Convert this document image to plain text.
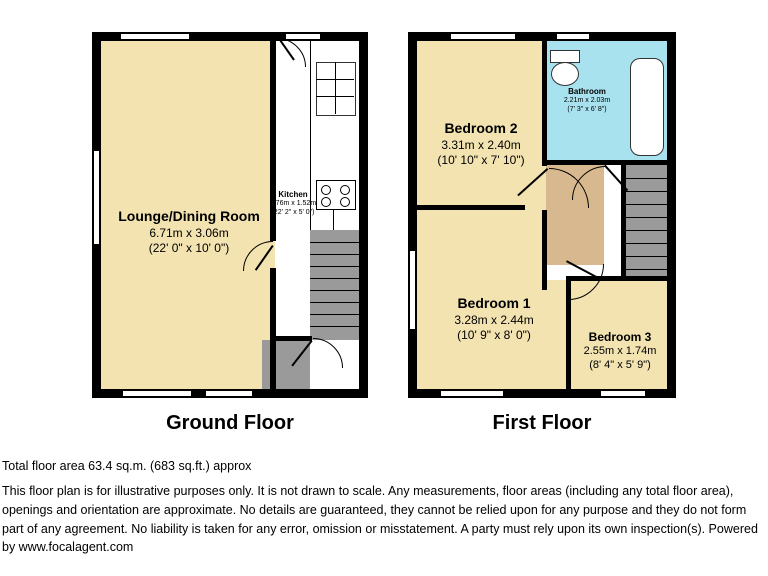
Lounge/Dining Room
6.71m x 3.06m
(22' 0" x 10' 0")
Kitchen
6.76m x 1.52m
(22' 2" x 5' 0")
Ground Floor
Bedroom 2
3.31m x 2.40m
(10' 10" x 7' 10")
Bathroom
2.21m x 2.03m
(7' 3" x 6' 8")
Bedroom 1
3.28m x 2.44m
(10' 9" x 8' 0")	Bedroom 3
2.55m x 1.74m
(8' 4" x 5' 9")
First Floor
Total floor area 63.4 sq.m. (683 sq.ft.) approx
This floor plan is for illustrative purposes only. It is not drawn to scale. Any measurements, floor areas (including any total floor area), openings and orientation are approximate. No details are guaranteed, they cannot be relied upon for any purpose and they do not form part of any agreement. No liability is taken for any error, omission or misstatement. A party must rely upon its own inspection(s). Powered by www.focalagent.com
